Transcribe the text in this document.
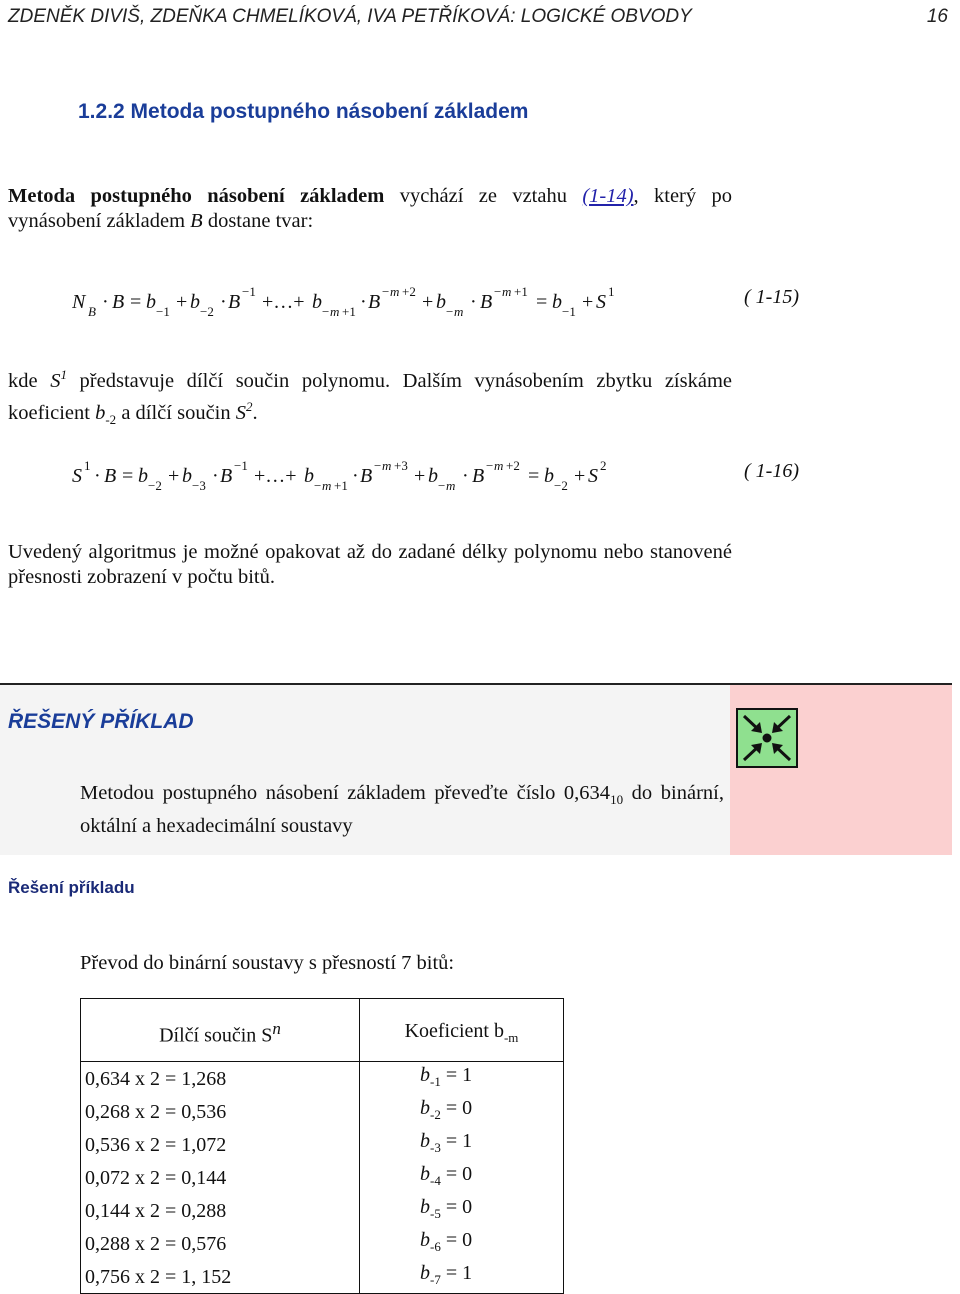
ZDENĚK DIVIŠ, ZDEŇKA CHMELÍKOVÁ, IVA PETŘÍKOVÁ: LOGICKÉ OBVODY	16
1.2.2 Metoda postupného násobení základem
Metoda postupného násobení základem vychází ze vztahu (1-14), který po vynásobení základem B dostane tvar:
N B · B = b −1 + b −2 · B −1 +…+ b − m +1 · B − m +2 + b − m · B − m +1 = b −1 + S 1	( 1-15)
kde $S^1$ představuje dílčí součin polynomu. Dalším vynásobením zbytku získáme koeficient $b_{-2}$ a dílčí součin $S^2$.
S 1 · B = b −2 + b −3 · B −1 +…+ b − m +1 · B − m +3 + b − m · B − m +2 = b −2 + S 2	( 1-16)
Uvedený algoritmus je možné opakovat až do zadané délky polynomu nebo stanovené přesnosti zobrazení v počtu bitů.
ŘEŠENÝ PŘÍKLAD
Metodou postupného násobení základem převeďte číslo $0,634_{10}$ do binární, oktální a hexadecimální soustavy
Řešení příkladu
Převod do binární soustavy s přesností 7 bitů:
Dílčí součin $S^n$	Koeficient $b_{-m}$
0,634 x 2 = 1,268	$b_{-1} = 1$
0,268 x 2 = 0,536	$b_{-2} = 0$
0,536 x 2 = 1,072	$b_{-3} = 1$
0,072 x 2 = 0,144	$b_{-4} = 0$
0,144 x 2 = 0,288	$b_{-5} = 0$
0,288 x 2 = 0,576	$b_{-6} = 0$
0,756 x 2 = 1, 152	$b_{-7} = 1$
